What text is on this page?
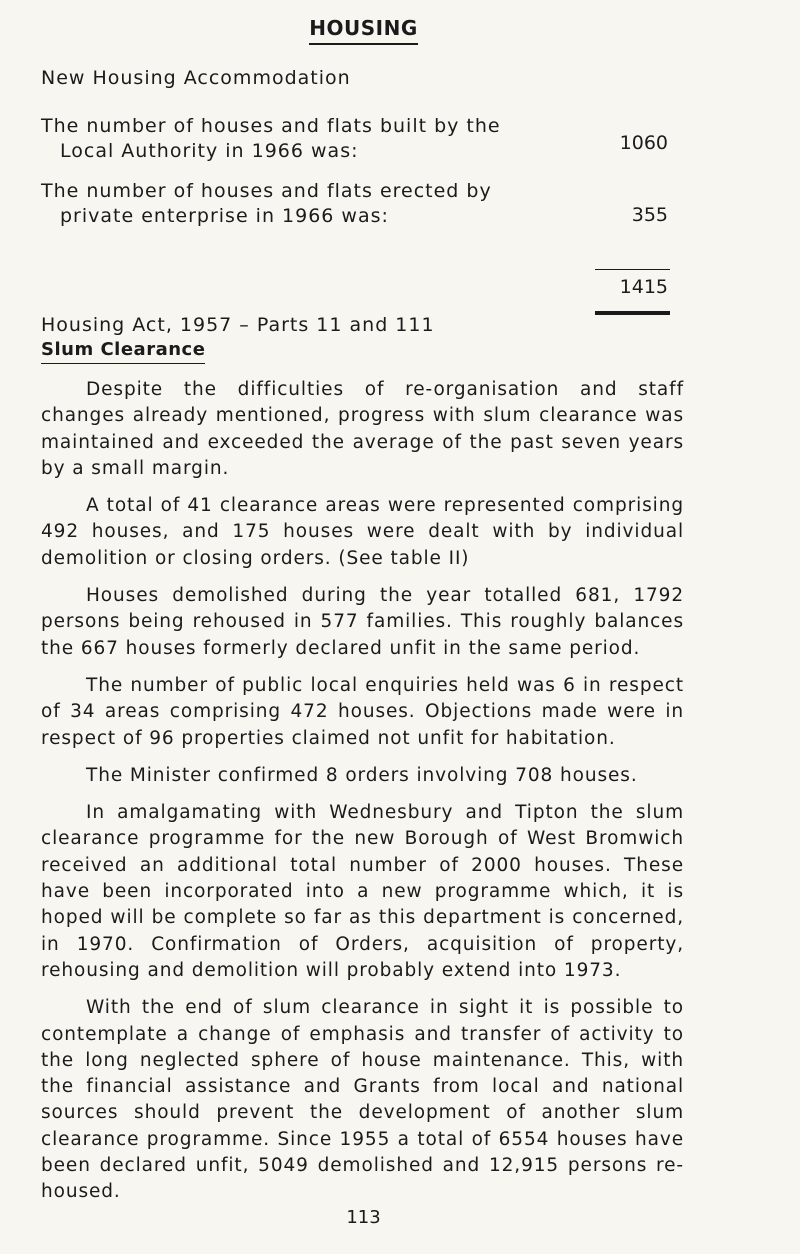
HOUSING
New Housing Accommodation
The number of houses and flats built by the
Local Authority in 1966 was:	1060
The number of houses and flats erected by
private enterprise in 1966 was:	355
1415
Housing Act, 1957 – Parts 11 and 111
Slum Clearance

Despite the difficulties of re-organisation and staff changes already mentioned, progress with slum clearance was maintained and exceeded the average of the past seven years by a small margin.

A total of 41 clearance areas were represented comprising 492 houses, and 175 houses were dealt with by individual demolition or closing orders. (See table II)

Houses demolished during the year totalled 681, 1792 persons being rehoused in 577 families. This roughly balances the 667 houses formerly declared unfit in the same period.

The number of public local enquiries held was 6 in respect of 34 areas comprising 472 houses. Objections made were in respect of 96 properties claimed not unfit for habitation.

The Minister confirmed 8 orders involving 708 houses.

In amalgamating with Wednesbury and Tipton the slum clearance programme for the new Borough of West Bromwich received an additional total number of 2000 houses. These have been incorporated into a new programme which, it is hoped will be complete so far as this department is concerned, in 1970. Confirmation of Orders, acquisition of property, rehousing and demolition will probably extend into 1973.

With the end of slum clearance in sight it is possible to contemplate a change of emphasis and transfer of activity to the long neglected sphere of house maintenance. This, with the financial assistance and Grants from local and national sources should prevent the development of another slum clearance programme. Since 1955 a total of 6554 houses have been declared unfit, 5049 demolished and 12,915 persons re-housed.

113
